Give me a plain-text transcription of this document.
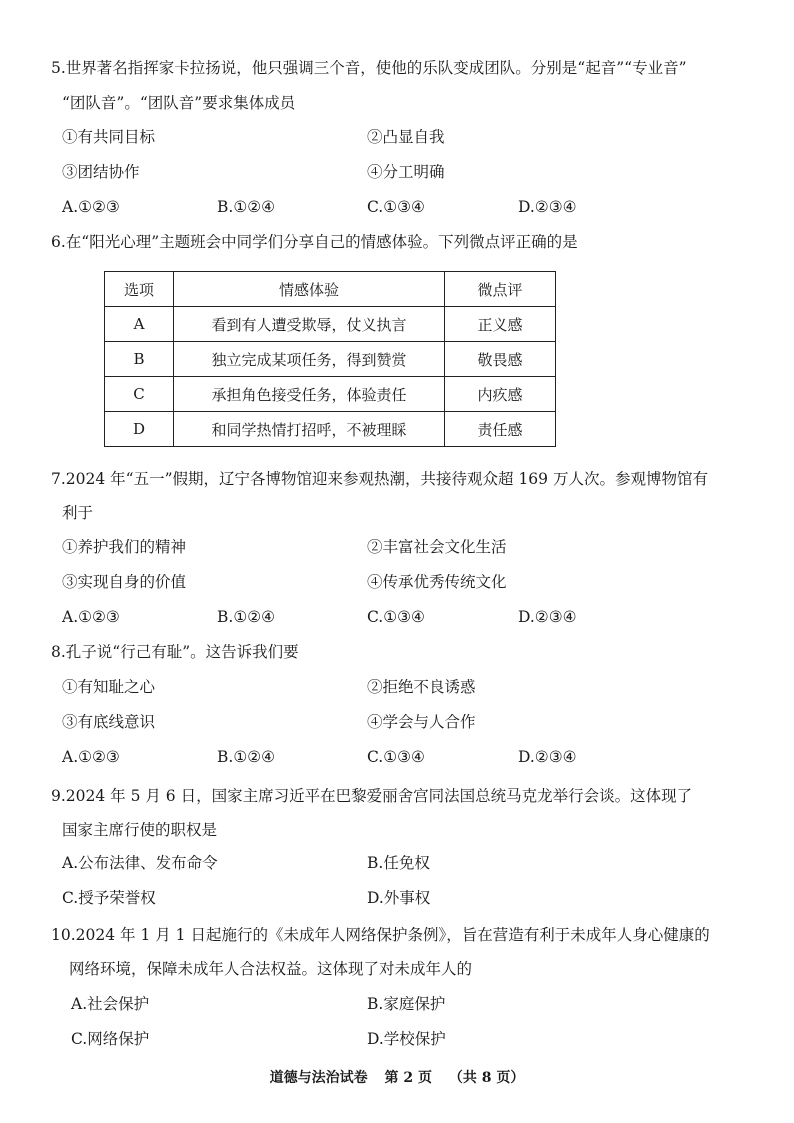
5.世界著名指挥家卡拉扬说，他只强调三个音，使他的乐队变成团队。分别是“起音”“专业音”
“团队音”。“团队音”要求集体成员
①有共同目标	②凸显自我
③团结协作	④分工明确
A.①②③	B.①②④	C.①③④	D.②③④
6.在“阳光心理”主题班会中同学们分享自己的情感体验。下列微点评正确的是
选项	情感体验	微点评
A	看到有人遭受欺辱，仗义执言	正义感
B	独立完成某项任务，得到赞赏	敬畏感
C	承担角色接受任务，体验责任	内疚感
D	和同学热情打招呼，不被理睬	责任感
7.2024 年“五一”假期，辽宁各博物馆迎来参观热潮，共接待观众超 169 万人次。参观博物馆有
利于
①养护我们的精神	②丰富社会文化生活
③实现自身的价值	④传承优秀传统文化
A.①②③	B.①②④	C.①③④	D.②③④
8.孔子说“行己有耻”。这告诉我们要
①有知耻之心	②拒绝不良诱惑
③有底线意识	④学会与人合作
A.①②③	B.①②④	C.①③④	D.②③④
9.2024 年 5 月 6 日，国家主席习近平在巴黎爱丽舍宫同法国总统马克龙举行会谈。这体现了
国家主席行使的职权是
A.公布法律、发布命令	B.任免权
C.授予荣誉权	D.外事权
10.2024 年 1 月 1 日起施行的《未成年人网络保护条例》，旨在营造有利于未成年人身心健康的
网络环境，保障未成年人合法权益。这体现了对未成年人的
A.社会保护	B.家庭保护
C.网络保护	D.学校保护
道德与法治试卷 第 2 页 （共 8 页）
